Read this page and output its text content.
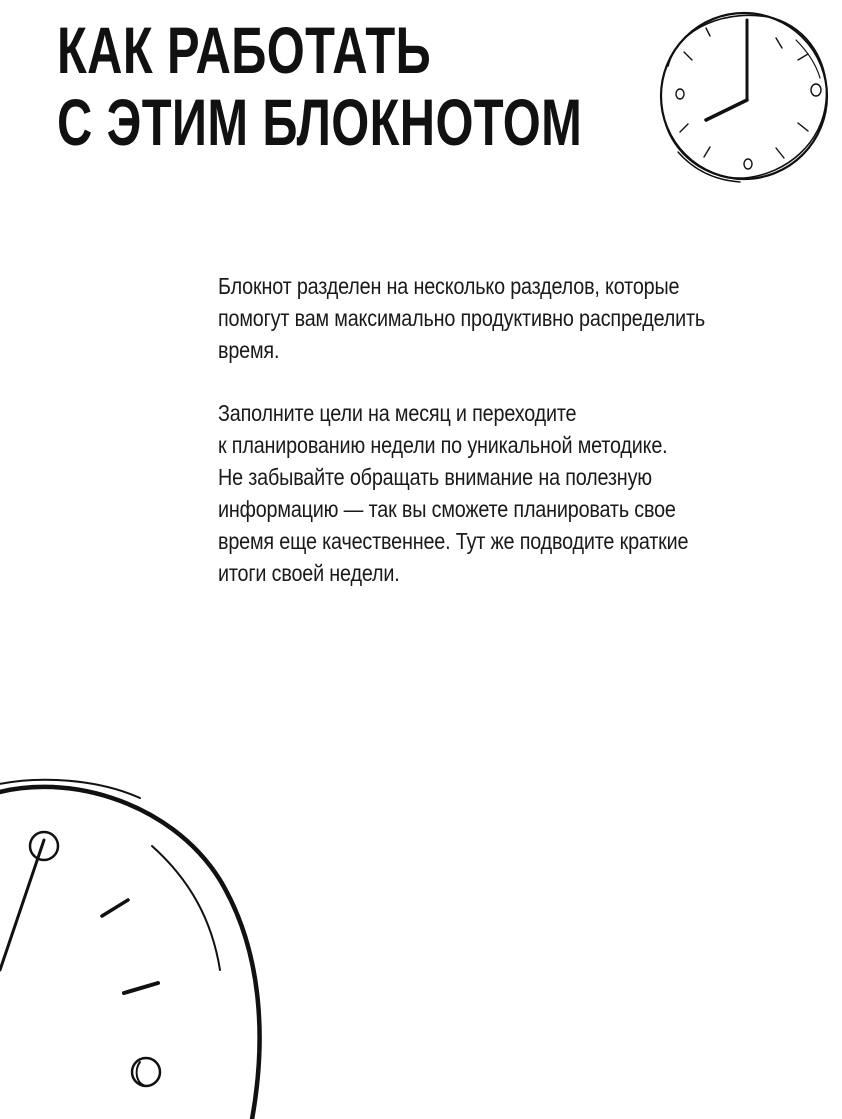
КАК РАБОТАТЬ
С ЭТИМ БЛОКНОТОМ

Блокнот разделен на несколько разделов, которые
помогут вам максимально продуктивно распределить
время.

Заполните цели на месяц и переходите
к планированию недели по уникальной методике.
Не забывайте обращать внимание на полезную
информацию — так вы сможете планировать свое
время еще качественнее. Тут же подводите краткие
итоги своей недели.
